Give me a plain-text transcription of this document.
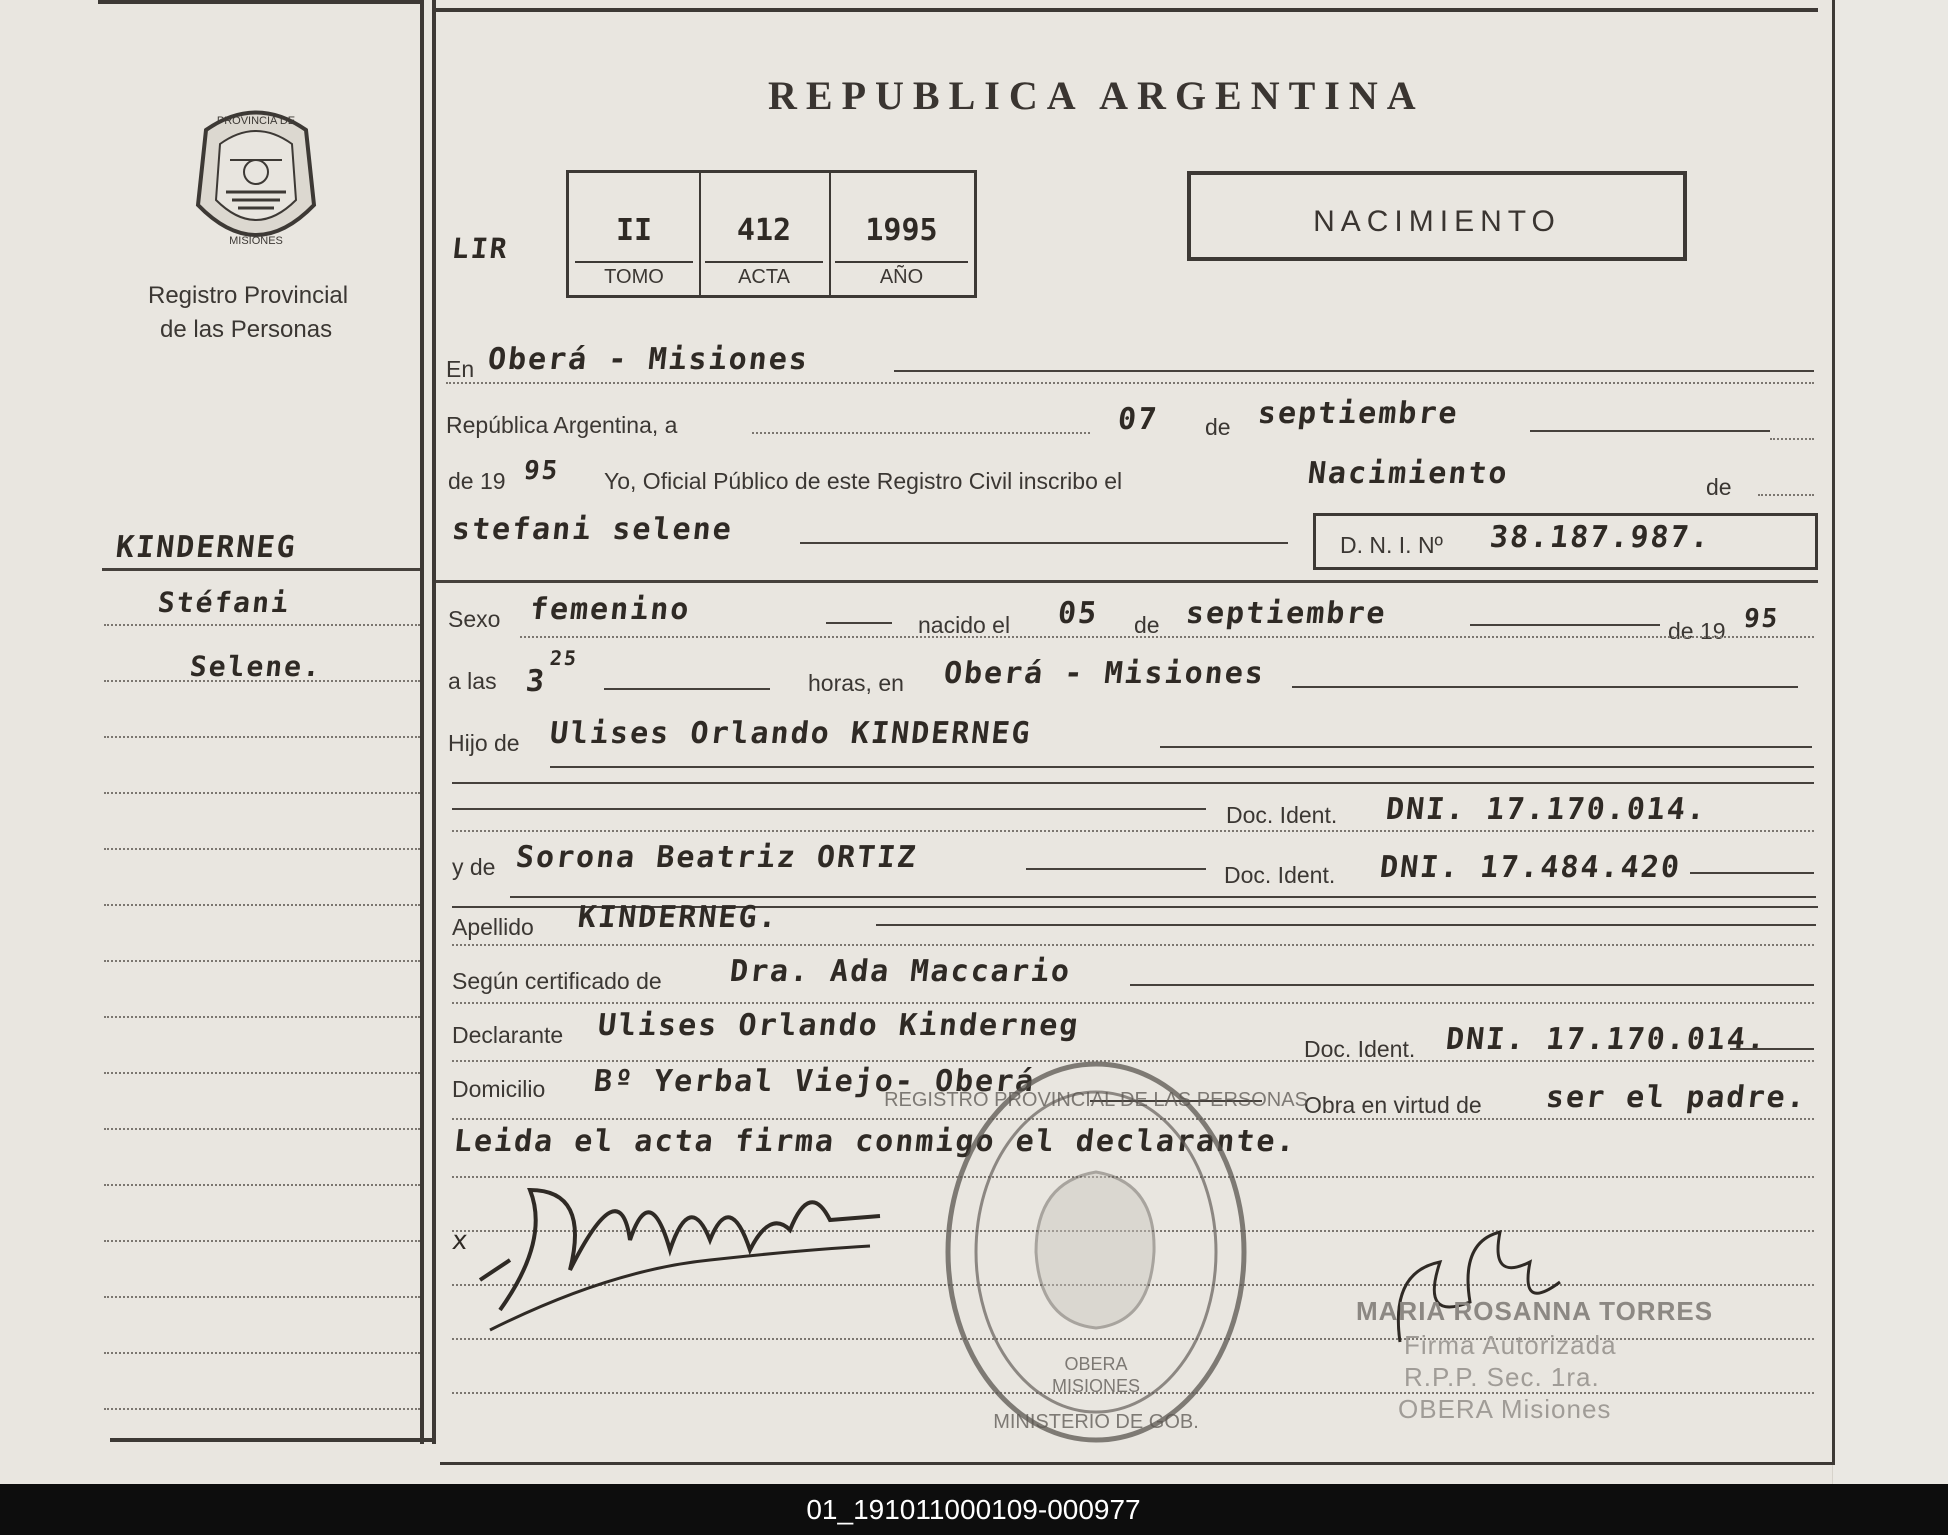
PROVINCIA DE
MISIONES
Registro Provincial
de las Personas
KINDERNEG
Stéfani
Selene.
REPUBLICA ARGENTINA
LIR
II
TOMO
412
ACTA
1995
AÑO
NACIMIENTO
En Oberá - Misiones
República Argentina, a	07 de septiembre
de 19 95 Yo, Oficial Público de este Registro Civil inscribo el	Nacimiento	de
stefani selene	D. N. I. Nº 38.187.987.
Sexo femenino	nacido el 05 de septiembre	de 19 95
a las 3
25
horas, en Oberá - Misiones
Hijo de Ulises Orlando KINDERNEG
Doc. Ident. DNI. 17.170.014.
y de Sorona Beatriz ORTIZ	Doc. Ident. DNI. 17.484.420
Apellido KINDERNEG.
Según certificado de Dra. Ada Maccario
Declarante Ulises Orlando Kinderneg
Doc. Ident. DNI. 17.170.014.
Domicilio Bº Yerbal Viejo- Oberá
Obra en virtud de ser el padre.
Leida el acta firma conmigo el declarante.
x
REGISTRO PROVINCIAL DE LAS PERSONAS
OBERA
MISIONES
MINISTERIO DE GOB.
MARIA ROSANNA TORRES
Firma Autorizada
R.P.P. Sec. 1ra.
OBERA Misiones
01_191011000109-000977
